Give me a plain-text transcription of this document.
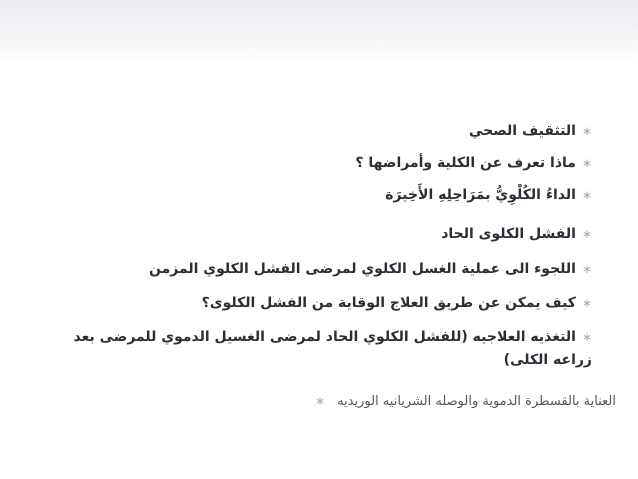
∗التثقيف الصحي
∗ماذا تعرف عن الكلية وأمراضها ؟
∗الداءُ الكُلْوِيُّ بمَرَاحِلِهِ الأَخِيرَة
∗الفشل الكلوى الحاد
∗اللجوء الى عملية الغسل الكلوي لمرضى الفشل الكلوي المزمن
∗كيف يمكن عن طريق العلاج الوقاية من الفشل الكلوى؟
∗التغذيه العلاجيه (للفشل الكلوي الحاد لمرضى الغسيل الدموي للمرضى بعد زراعه الكلى)
العناية بالقسطرة الدموية والوصله الشريانيه الوريديه∗
